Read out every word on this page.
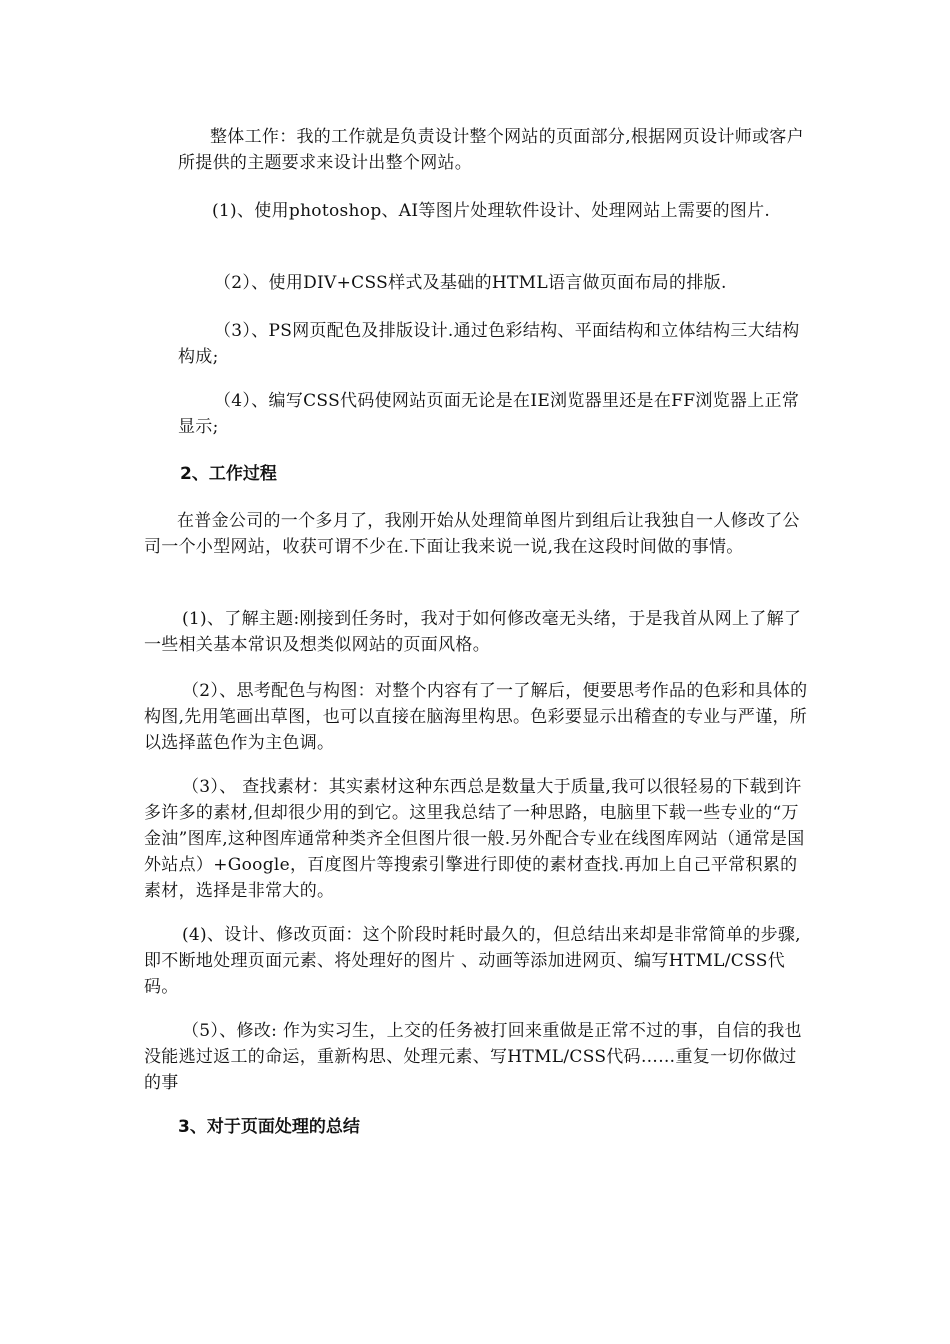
整体工作：我的工作就是负责设计整个网站的页面部分,根据网页设计师或客户所提供的主题要求来设计出整个网站。

(1)、使用photoshop、AI等图片处理软件设计、处理网站上需要的图片.

（2）、使用DIV+CSS样式及基础的HTML语言做页面布局的排版.

（3）、PS网页配色及排版设计.通过色彩结构、平面结构和立体结构三大结构构成;

（4）、编写CSS代码使网站页面无论是在IE浏览器里还是在FF浏览器上正常显示;

2、工作过程

在普金公司的一个多月了，我刚开始从处理简单图片到组后让我独自一人修改了公司一个小型网站，收获可谓不少在.下面让我来说一说,我在这段时间做的事情。

(1)、了解主题:刚接到任务时，我对于如何修改毫无头绪，于是我首从网上了解了一些相关基本常识及想类似网站的页面风格。

（2）、思考配色与构图：对整个内容有了一了解后，便要思考作品的色彩和具体的构图,先用笔画出草图，也可以直接在脑海里构思。色彩要显示出稽查的专业与严谨，所以选择蓝色作为主色调。

（3）、 查找素材：其实素材这种东西总是数量大于质量,我可以很轻易的下载到许多许多的素材,但却很少用的到它。这里我总结了一种思路，电脑里下载一些专业的“万金油”图库,这种图库通常种类齐全但图片很一般.另外配合专业在线图库网站（通常是国外站点）+Google，百度图片等搜索引擎进行即使的素材查找.再加上自己平常积累的素材，选择是非常大的。

(4)、设计、修改页面：这个阶段时耗时最久的，但总结出来却是非常简单的步骤,即不断地处理页面元素、将处理好的图片 、动画等添加进网页、编写HTML/CSS代码。

（5）、修改: 作为实习生，上交的任务被打回来重做是正常不过的事，自信的我也没能逃过返工的命运，重新构思、处理元素、写HTML/CSS代码……重复一切你做过的事

3、对于页面处理的总结
